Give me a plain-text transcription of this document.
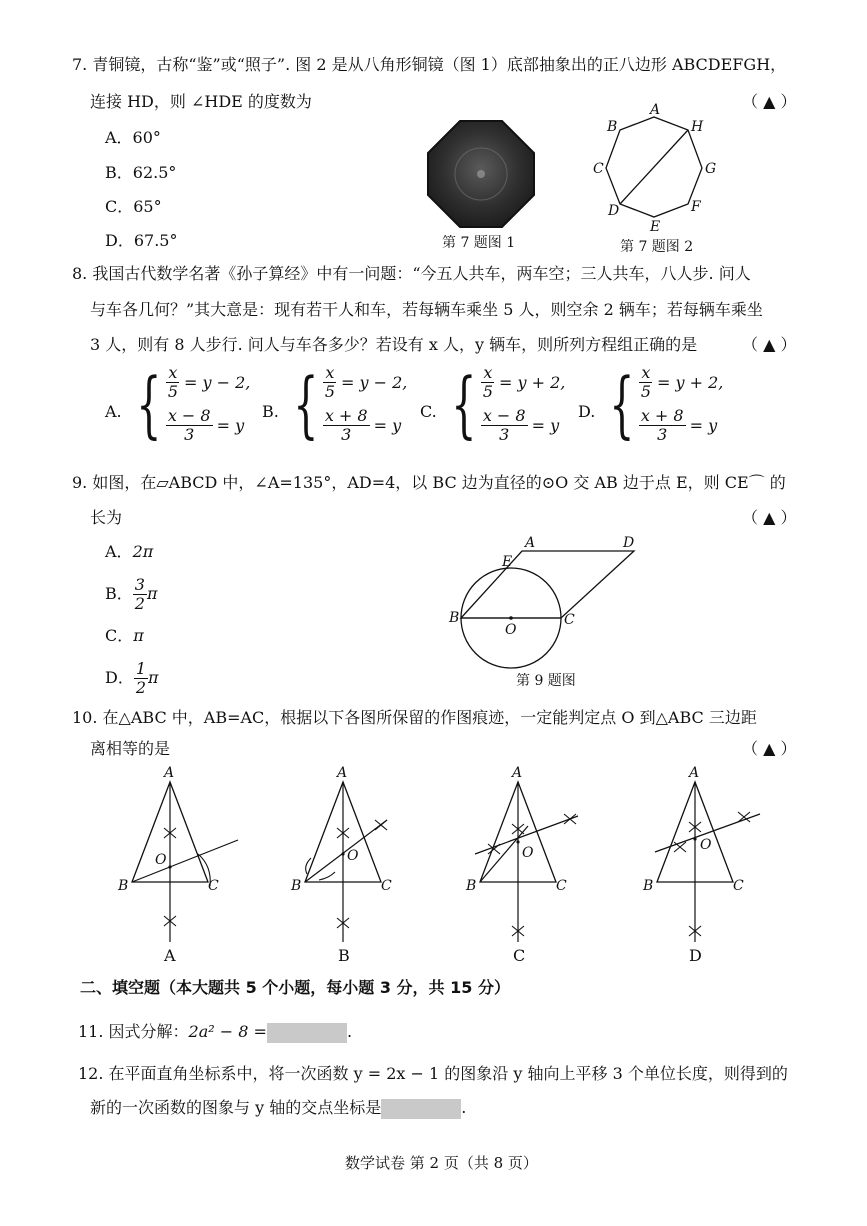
7. 青铜镜，古称“鉴”或“照子”. 图 2 是从八角形铜镜（图 1）底部抽象出的正八边形 ABCDEFGH，
连接 HD，则 ∠HDE 的度数为	（ ▲ ）
A．60°
B．62.5°
C．65°
D．67.5°	第 7 题图 1
A
B
C
D
E
F
G
H
第 7 题图 2
8. 我国古代数学名著《孙子算经》中有一问题：“今五人共车，两车空；三人共车，八人步. 问人
与车各几何？”其大意是：现有若干人和车，若每辆车乘坐 5 人，则空余 2 辆车；若每辆车乘坐
3 人，则有 8 人步行. 问人与车各多少？若设有 x 人，y 辆车，则所列方程组正确的是	（ ▲ ）
A. { $\frac{x}{5} = y - 2$,
$\frac{x - 8}{3} = y$
B. { $\frac{x}{5} = y - 2$,
$\frac{x + 8}{3} = y$
C. { $\frac{x}{5} = y + 2$,
$\frac{x - 8}{3} = y$
D. { $\frac{x}{5} = y + 2$,
$\frac{x + 8}{3} = y$
9. 如图，在▱ABCD 中，∠A=135°，AD=4，以 BC 边为直径的⊙O 交 AB 边于点 E，则 CE⌒ 的
长为	（ ▲ ）
A．2π
B． $\frac{3}{2}$ π
C．π
D． $\frac{1}{2}$ π
A	D
E
B
O
C
第 9 题图
10. 在△ABC 中，AB=AC，根据以下各图所保留的作图痕迹，一定能判定点 O 到△ABC 三边距
离相等的是	（ ▲ ）
A
B	C
O
A
A
B	C
O
B
A
B	C
O
C
A
B	C
O
D
二、填空题（本大题共 5 个小题，每小题 3 分，共 15 分）
11. 因式分解：2a² − 8 =	.
12. 在平面直角坐标系中，将一次函数 y = 2x − 1 的图象沿 y 轴向上平移 3 个单位长度，则得到的
新的一次函数的图象与 y 轴的交点坐标是	.
数学试卷 第 2 页（共 8 页）
